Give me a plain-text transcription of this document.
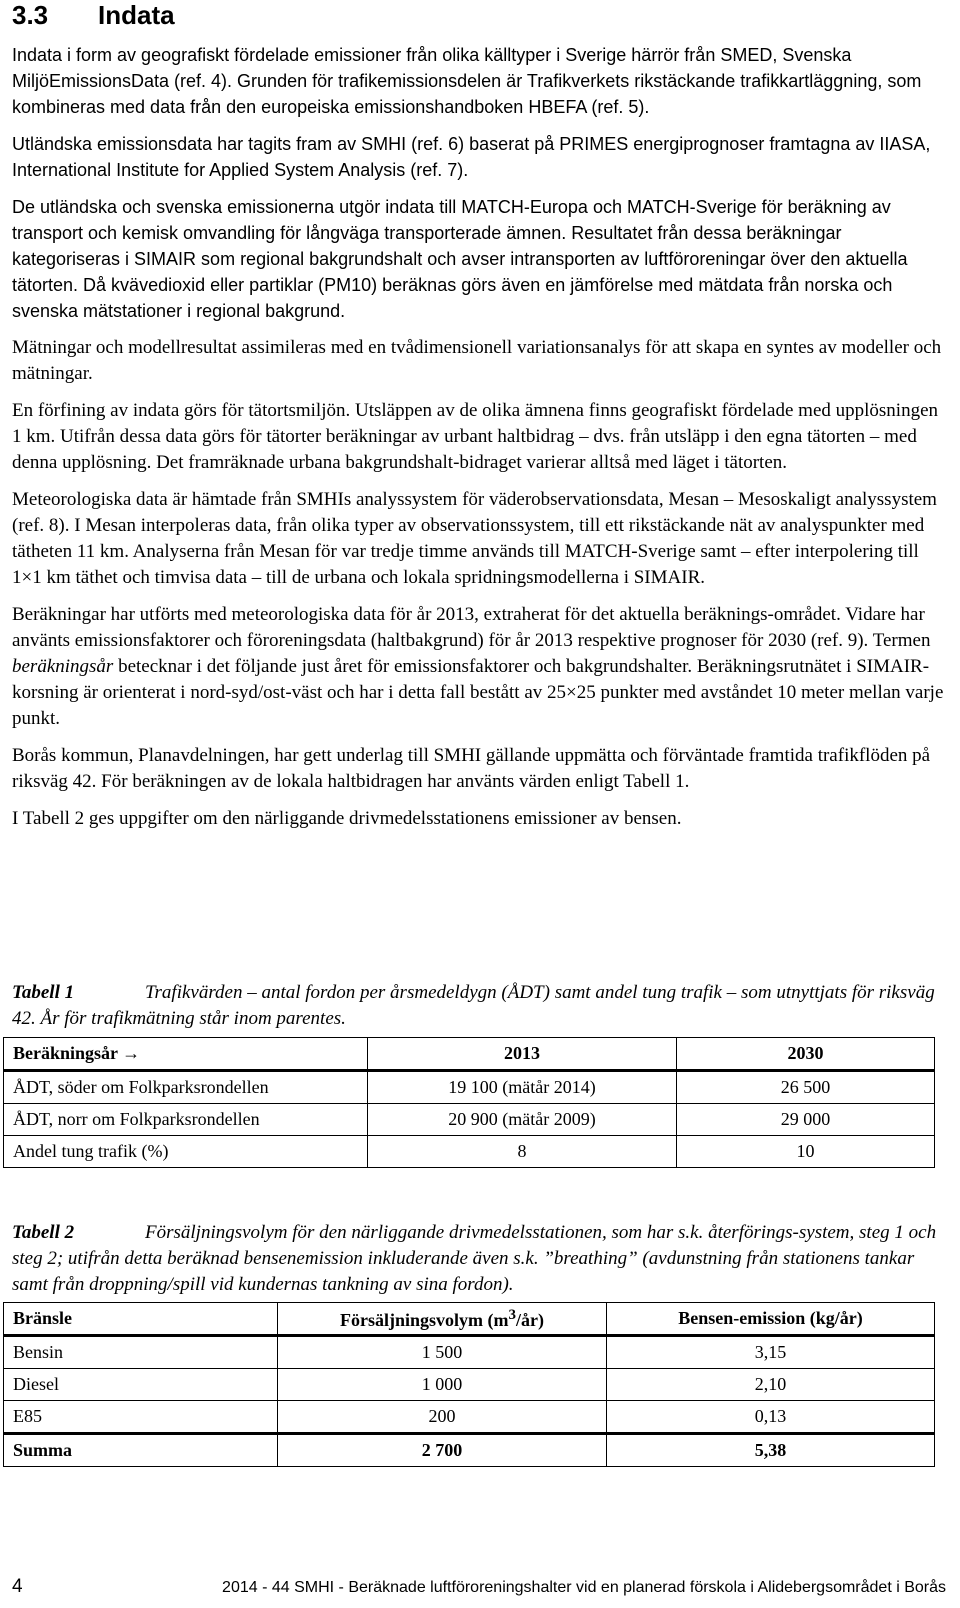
3.3 Indata

Indata i form av geografiskt fördelade emissioner från olika källtyper i Sverige härrör från SMED, Svenska MiljöEmissionsData (ref. 4). Grunden för trafikemissionsdelen är Trafikverkets rikstäckande trafikkartläggning, som kombineras med data från den europeiska emissionshandboken HBEFA (ref. 5).

Utländska emissionsdata har tagits fram av SMHI (ref. 6) baserat på PRIMES energiprognoser framtagna av IIASA, International Institute for Applied System Analysis (ref. 7).

De utländska och svenska emissionerna utgör indata till MATCH-Europa och MATCH-Sverige för beräkning av transport och kemisk omvandling för långväga transporterade ämnen. Resultatet från dessa beräkningar kategoriseras i SIMAIR som regional bakgrundshalt och avser intransporten av luftföroreningar över den aktuella tätorten. Då kvävedioxid eller partiklar (PM10) beräknas görs även en jämförelse med mätdata från norska och svenska mätstationer i regional bakgrund.

Mätningar och modellresultat assimileras med en tvådimensionell variationsanalys för att skapa en syntes av modeller och mätningar.

En förfining av indata görs för tätortsmiljön. Utsläppen av de olika ämnena finns geografiskt fördelade med upplösningen 1 km. Utifrån dessa data görs för tätorter beräkningar av urbant haltbidrag – dvs. från utsläpp i den egna tätorten – med denna upplösning. Det framräknade urbana bakgrundshalt-bidraget varierar alltså med läget i tätorten.

Meteorologiska data är hämtade från SMHIs analyssystem för väderobservationsdata, Mesan – Mesoskaligt analyssystem (ref. 8). I Mesan interpoleras data, från olika typer av observationssystem, till ett rikstäckande nät av analyspunkter med tätheten 11 km. Analyserna från Mesan för var tredje timme används till MATCH-Sverige samt – efter interpolering till 1×1 km täthet och timvisa data – till de urbana och lokala spridningsmodellerna i SIMAIR.

Beräkningar har utförts med meteorologiska data för år 2013, extraherat för det aktuella beräknings-området. Vidare har använts emissionsfaktorer och föroreningsdata (haltbakgrund) för år 2013 respektive prognoser för 2030 (ref. 9). Termen beräkningsår betecknar i det följande just året för emissionsfaktorer och bakgrundshalter. Beräkningsrutnätet i SIMAIR-korsning är orienterat i nord-syd/ost-väst och har i detta fall bestått av 25×25 punkter med avståndet 10 meter mellan varje punkt.

Borås kommun, Planavdelningen, har gett underlag till SMHI gällande uppmätta och förväntade framtida trafikflöden på riksväg 42. För beräkningen av de lokala haltbidragen har använts värden enligt Tabell 1.

I Tabell 2 ges uppgifter om den närliggande drivmedelsstationens emissioner av bensen.

Tabell 1	Trafikvärden – antal fordon per årsmedeldygn (ÅDT) samt andel tung trafik – som utnyttjats för riksväg 42. År för trafikmätning står inom parentes.
Beräkningsår →	2013	2030
ÅDT, söder om Folkparksrondellen	19 100 (mätår 2014)	26 500
ÅDT, norr om Folkparksrondellen	20 900 (mätår 2009)	29 000
Andel tung trafik (%)	8	10
Tabell 2	Försäljningsvolym för den närliggande drivmedelsstationen, som har s.k. återförings-system, steg 1 och steg 2; utifrån detta beräknad bensenemission inkluderande även s.k. ”breathing” (avdunstning från stationens tankar samt från droppning/spill vid kundernas tankning av sina fordon).
Bränsle	Försäljningsvolym $(m^3/år)$	Bensen-emission (kg/år)
Bensin	1 500	3,15
Diesel	1 000	2,10
E85	200	0,13
Summa	2 700	5,38
4	2014 - 44 SMHI - Beräknade luftföroreningshalter vid en planerad förskola i Alidebergsområdet i Borås
